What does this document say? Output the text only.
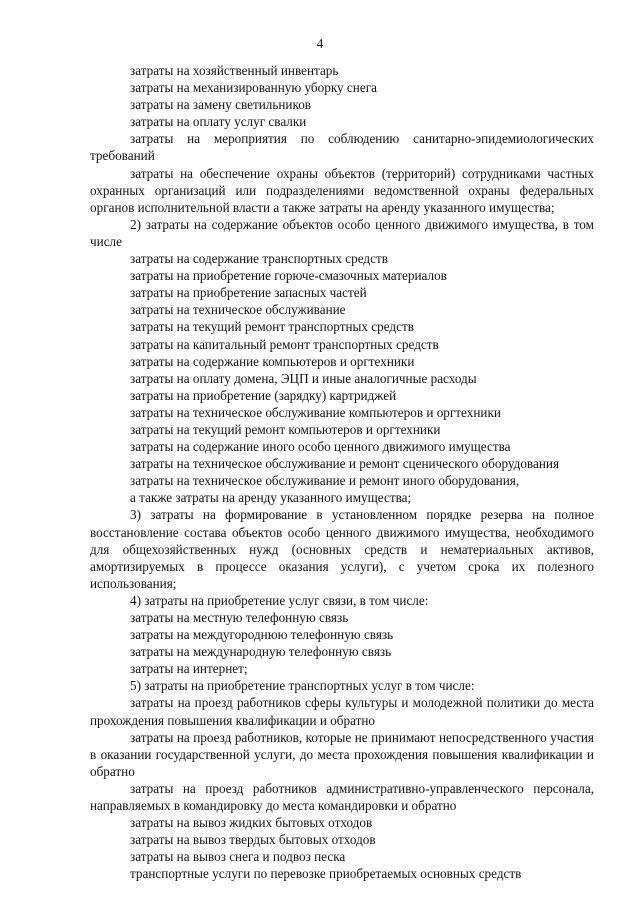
4

затраты на хозяйственный инвентарь

затраты на механизированную уборку снега

затраты на замену светильников

затраты на оплату услуг свалки

затраты на мероприятия по соблюдению санитарно-эпидемиологических требований

затраты на обеспечение охраны объектов (территорий) сотрудниками частных охранных организаций или подразделениями ведомственной охраны федеральных органов исполнительной власти а также затраты на аренду указанного имущества;

2) затраты на содержание объектов особо ценного движимого имущества, в том числе

затраты на содержание транспортных средств

затраты на приобретение горюче-смазочных материалов

затраты на приобретение запасных частей

затраты на техническое обслуживание

затраты на текущий ремонт транспортных средств

затраты на капитальный ремонт транспортных средств

затраты на содержание компьютеров и оргтехники

затраты на оплату домена, ЭЦП и иные аналогичные расходы

затраты на приобретение (зарядку) картриджей

затраты на техническое обслуживание компьютеров и оргтехники

затраты на текущий ремонт компьютеров и оргтехники

затраты на содержание иного особо ценного движимого имущества

затраты на техническое обслуживание и ремонт сценического оборудования

затраты на техническое обслуживание и ремонт иного оборудования,

а также затраты на аренду указанного имущества;

3) затраты на формирование в установленном порядке резерва на полное восстановление состава объектов особо ценного движимого имущества, необходимого для общехозяйственных нужд (основных средств и нематериальных активов, амортизируемых в процессе оказания услуги), с учетом срока их полезного использования;

4) затраты на приобретение услуг связи, в том числе:

затраты на местную телефонную связь

затраты на междугороднюю телефонную связь

затраты на международную телефонную связь

затраты на интернет;

5) затраты на приобретение транспортных услуг в том числе:

затраты на проезд работников сферы культуры и молодежной политики до места прохождения повышения квалификации и обратно

затраты на проезд работников, которые не принимают непосредственного участия в оказании государственной услуги, до места прохождения повышения квалификации и обратно

затраты на проезд работников административно-управленческого персонала, направляемых в командировку до места командировки и обратно

затраты на вывоз жидких бытовых отходов

затраты на вывоз твердых бытовых отходов

затраты на вывоз снега и подвоз песка

транспортные услуги по перевозке приобретаемых основных средств
